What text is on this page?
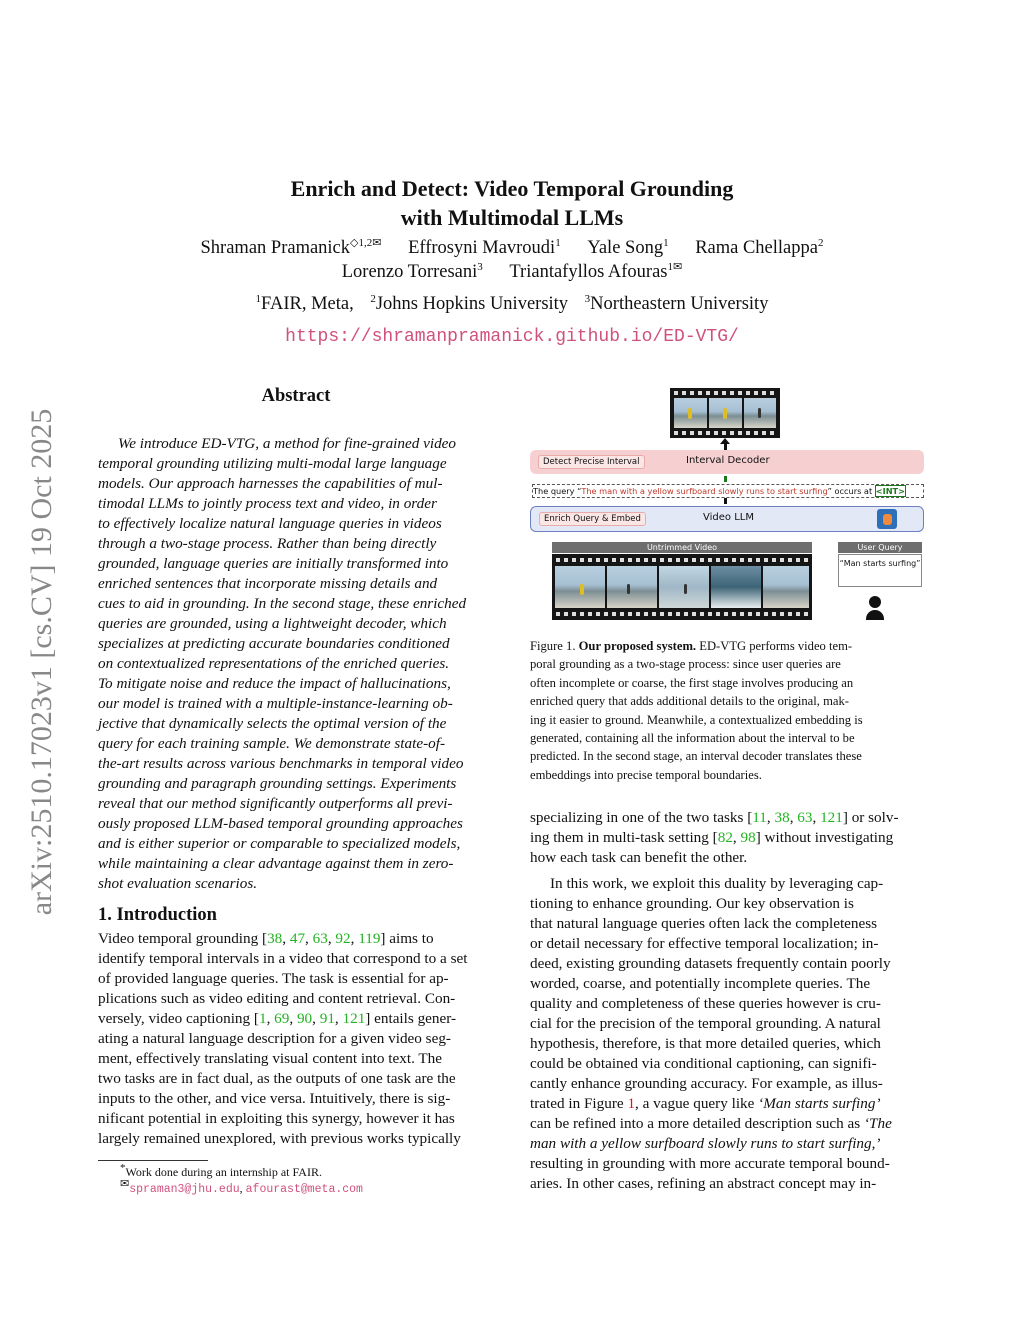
arXiv:2510.17023v1 [cs.CV] 19 Oct 2025
Enrich and Detect: Video Temporal Grounding
with Multimodal LLMs
Shraman Pramanick$^{◇1,2✉}$ Effrosyni Mavroudi$^1$ Yale Song$^1$ Rama Chellappa$^2$
Lorenzo Torresani$^3$ Triantafyllos Afouras$^{1✉}$
$^1$FAIR, Meta, $^2$Johns Hopkins University $^3$Northeastern University
https://shramanpramanick.github.io/ED-VTG/
Abstract

We introduce ED-VTG, a method for fine-grained video

temporal grounding utilizing multi-modal large language

models. Our approach harnesses the capabilities of mul-

timodal LLMs to jointly process text and video, in order

to effectively localize natural language queries in videos

through a two-stage process. Rather than being directly

grounded, language queries are initially transformed into

enriched sentences that incorporate missing details and

cues to aid in grounding. In the second stage, these enriched

queries are grounded, using a lightweight decoder, which

specializes at predicting accurate boundaries conditioned

on contextualized representations of the enriched queries.

To mitigate noise and reduce the impact of hallucinations,

our model is trained with a multiple-instance-learning ob-

jective that dynamically selects the optimal version of the

query for each training sample. We demonstrate state-of-

the-art results across various benchmarks in temporal video

grounding and paragraph grounding settings. Experiments

reveal that our method significantly outperforms all previ-

ously proposed LLM-based temporal grounding approaches

and is either superior or comparable to specialized models,

while maintaining a clear advantage against them in zero-

shot evaluation scenarios.

1. Introduction

Video temporal grounding [38, 47, 63, 92, 119] aims to

identify temporal intervals in a video that correspond to a set

of provided language queries. The task is essential for ap-

plications such as video editing and content retrieval. Con-

versely, video captioning [1, 69, 90, 91, 121] entails gener-

ating a natural language description for a given video seg-

ment, effectively translating visual content into text. The

two tasks are in fact dual, as the outputs of one task are the

inputs to the other, and vice versa. Intuitively, there is sig-

nificant potential in exploiting this synergy, however it has

largely remained unexplored, with previous works typically

*Work done during an internship at FAIR.
✉spraman3@jhu.edu, afourast@meta.com
Detect Precise Interval	Interval Decoder
The query “The man with a yellow surfboard slowly runs to start surfing” occurs at <INT>
Enrich Query & Embed	Video LLM
Untrimmed Video	User Query
“Man starts surfing”

Figure 1. Our proposed system. ED-VTG performs video tem-

poral grounding as a two-stage process: since user queries are

often incomplete or coarse, the first stage involves producing an

enriched query that adds additional details to the original, mak-

ing it easier to ground. Meanwhile, a contextualized embedding is

generated, containing all the information about the interval to be

predicted. In the second stage, an interval decoder translates these

embeddings into precise temporal boundaries.

specializing in one of the two tasks [11, 38, 63, 121] or solv-

ing them in multi-task setting [82, 98] without investigating

how each task can benefit the other.

In this work, we exploit this duality by leveraging cap-

tioning to enhance grounding. Our key observation is

that natural language queries often lack the completeness

or detail necessary for effective temporal localization; in-

deed, existing grounding datasets frequently contain poorly

worded, coarse, and potentially incomplete queries. The

quality and completeness of these queries however is cru-

cial for the precision of the temporal grounding. A natural

hypothesis, therefore, is that more detailed queries, which

could be obtained via conditional captioning, can signifi-

cantly enhance grounding accuracy. For example, as illus-

trated in Figure 1, a vague query like ‘Man starts surfing’

can be refined into a more detailed description such as ‘The

man with a yellow surfboard slowly runs to start surfing,’

resulting in grounding with more accurate temporal bound-

aries. In other cases, refining an abstract concept may in-
